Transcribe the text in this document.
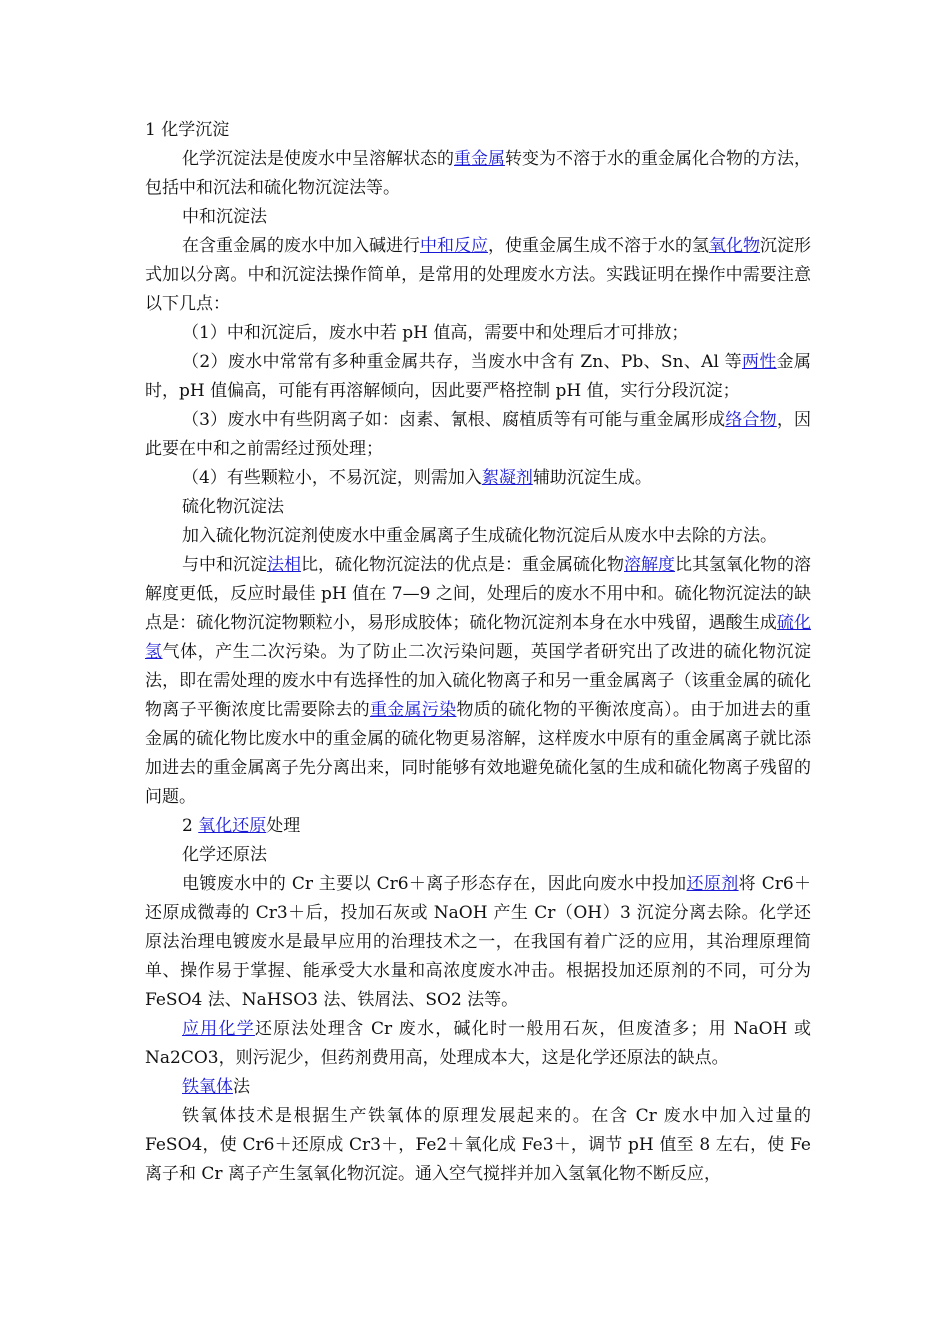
1 化学沉淀

化学沉淀法是使废水中呈溶解状态的重金属转变为不溶于水的重金属化合物的方法，包括中和沉法和硫化物沉淀法等。

中和沉淀法

在含重金属的废水中加入碱进行中和反应，使重金属生成不溶于水的氢氧化物沉淀形式加以分离。中和沉淀法操作简单，是常用的处理废水方法。实践证明在操作中需要注意以下几点：

（1）中和沉淀后，废水中若 pH 值高，需要中和处理后才可排放；

（2）废水中常常有多种重金属共存，当废水中含有 Zn、Pb、Sn、Al 等两性金属时，pH 值偏高，可能有再溶解倾向，因此要严格控制 pH 值，实行分段沉淀；

（3）废水中有些阴离子如：卤素、氰根、腐植质等有可能与重金属形成络合物，因此要在中和之前需经过预处理；

（4）有些颗粒小，不易沉淀，则需加入絮凝剂辅助沉淀生成。

硫化物沉淀法

加入硫化物沉淀剂使废水中重金属离子生成硫化物沉淀后从废水中去除的方法。

与中和沉淀法相比，硫化物沉淀法的优点是：重金属硫化物溶解度比其氢氧化物的溶解度更低，反应时最佳 pH 值在 7—9 之间，处理后的废水不用中和。硫化物沉淀法的缺点是：硫化物沉淀物颗粒小，易形成胶体；硫化物沉淀剂本身在水中残留，遇酸生成硫化氢气体，产生二次污染。为了防止二次污染问题，英国学者研究出了改进的硫化物沉淀法，即在需处理的废水中有选择性的加入硫化物离子和另一重金属离子（该重金属的硫化物离子平衡浓度比需要除去的重金属污染物质的硫化物的平衡浓度高）。由于加进去的重金属的硫化物比废水中的重金属的硫化物更易溶解，这样废水中原有的重金属离子就比添加进去的重金属离子先分离出来，同时能够有效地避免硫化氢的生成和硫化物离子残留的问题。

2 氧化还原处理

化学还原法

电镀废水中的 Cr 主要以 Cr6＋离子形态存在，因此向废水中投加还原剂将 Cr6＋还原成微毒的 Cr3＋后，投加石灰或 NaOH 产生 Cr（OH）3 沉淀分离去除。化学还原法治理电镀废水是最早应用的治理技术之一，在我国有着广泛的应用，其治理原理简单、操作易于掌握、能承受大水量和高浓度废水冲击。根据投加还原剂的不同，可分为 FeSO4 法、NaHSO3 法、铁屑法、SO2 法等。

应用化学还原法处理含 Cr 废水，碱化时一般用石灰，但废渣多；用 NaOH 或 Na2CO3，则污泥少，但药剂费用高，处理成本大，这是化学还原法的缺点。

铁氧体法

铁氧体技术是根据生产铁氧体的原理发展起来的。在含 Cr 废水中加入过量的 FeSO4，使 Cr6＋还原成 Cr3＋，Fe2＋氧化成 Fe3＋，调节 pH 值至 8 左右，使 Fe 离子和 Cr 离子产生氢氧化物沉淀。通入空气搅拌并加入氢氧化物不断反应，
